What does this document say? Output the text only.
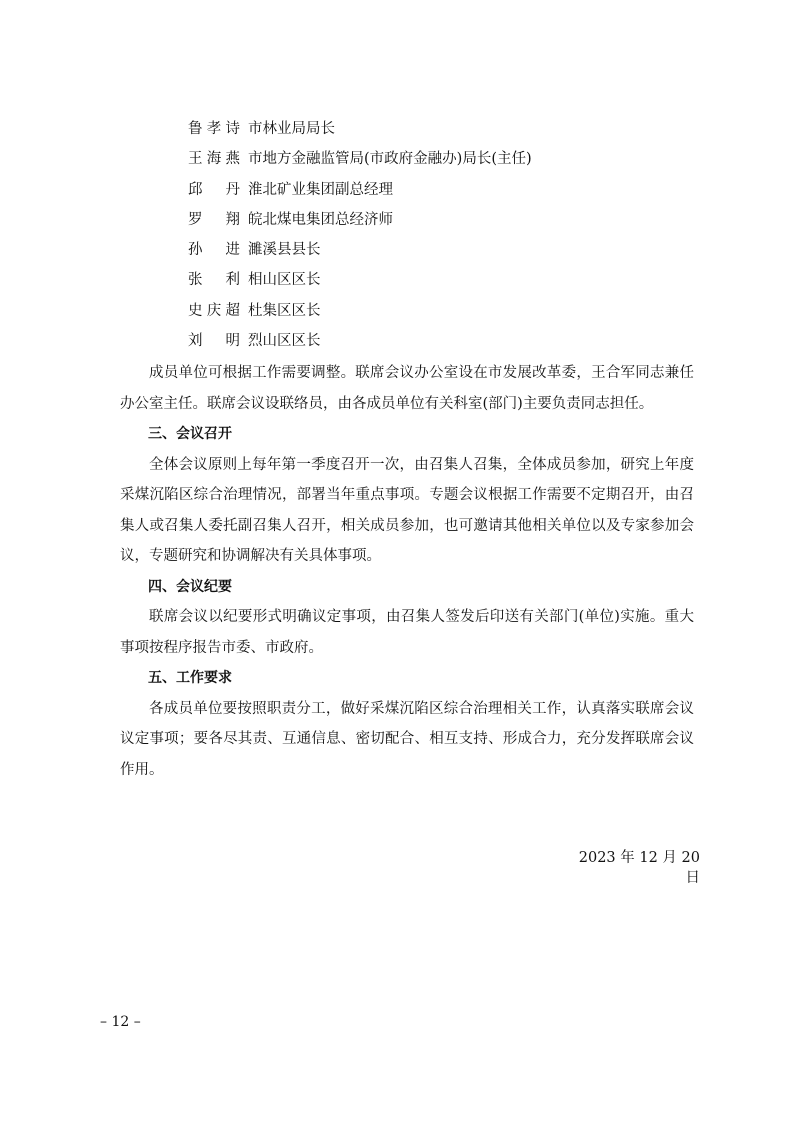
鲁孝诗 市林业局局长
王海燕 市地方金融监管局(市政府金融办)局长(主任)
邱丹 淮北矿业集团副总经理
罗翔 皖北煤电集团总经济师
孙进 濉溪县县长
张利 相山区区长
史庆超 杜集区区长
刘明 烈山区区长

成员单位可根据工作需要调整。联席会议办公室设在市发展改革委，王合军同志兼任办公室主任。联席会议设联络员，由各成员单位有关科室(部门)主要负责同志担任。

三、会议召开

全体会议原则上每年第一季度召开一次，由召集人召集，全体成员参加，研究上年度采煤沉陷区综合治理情况，部署当年重点事项。专题会议根据工作需要不定期召开，由召集人或召集人委托副召集人召开，相关成员参加，也可邀请其他相关单位以及专家参加会议，专题研究和协调解决有关具体事项。

四、会议纪要

联席会议以纪要形式明确议定事项，由召集人签发后印送有关部门(单位)实施。重大事项按程序报告市委、市政府。

五、工作要求

各成员单位要按照职责分工，做好采煤沉陷区综合治理相关工作，认真落实联席会议议定事项；要各尽其责、互通信息、密切配合、相互支持、形成合力，充分发挥联席会议作用。

2023 年 12 月 20 日
– 12 –
